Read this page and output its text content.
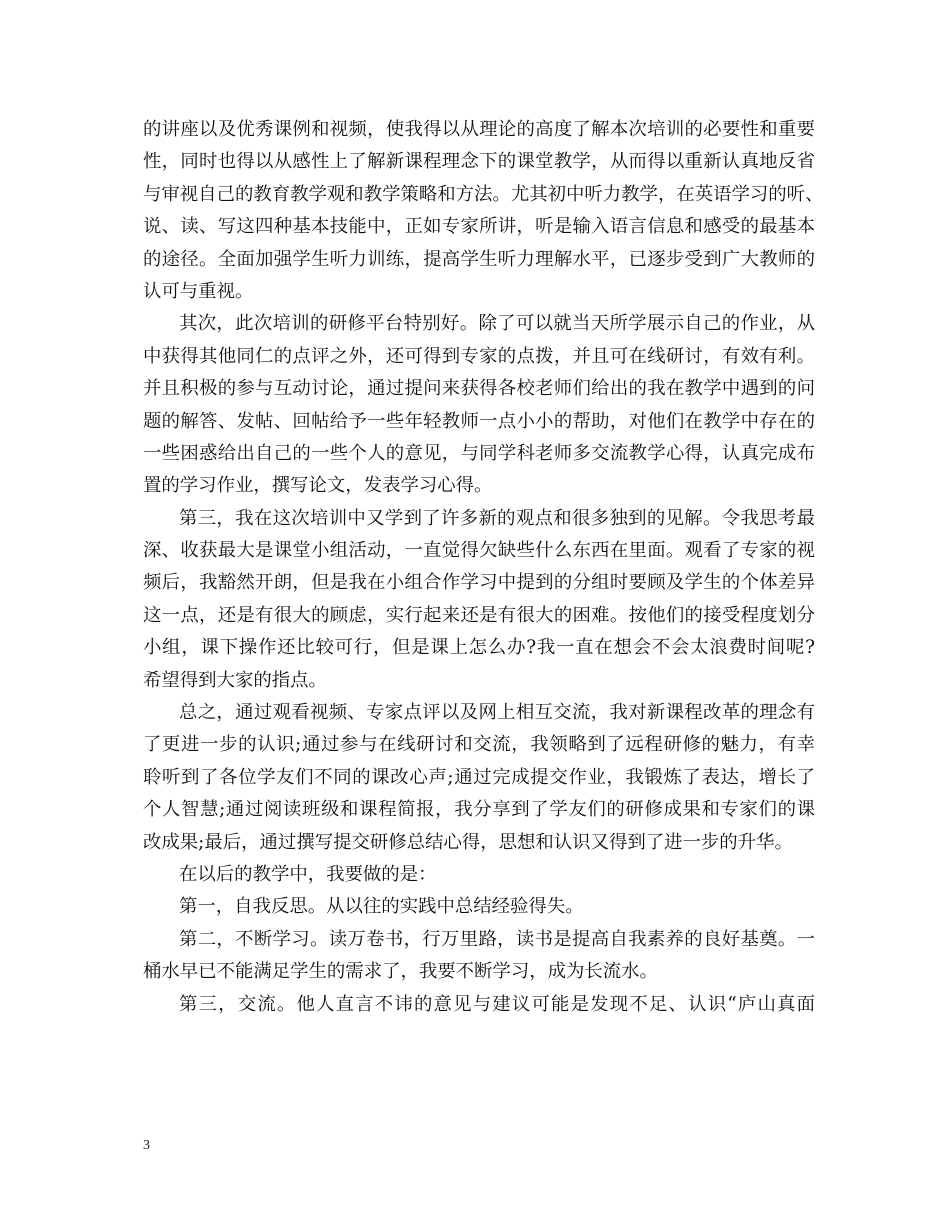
的讲座以及优秀课例和视频，使我得以从理论的高度了解本次培训的必要性和重要
性，同时也得以从感性上了解新课程理念下的课堂教学，从而得以重新认真地反省
与审视自己的教育教学观和教学策略和方法。尤其初中听力教学，在英语学习的听、
说、读、写这四种基本技能中，正如专家所讲，听是输入语言信息和感受的最基本
的途径。全面加强学生听力训练，提高学生听力理解水平，已逐步受到广大教师的
认可与重视。
其次，此次培训的研修平台特别好。除了可以就当天所学展示自己的作业，从
中获得其他同仁的点评之外，还可得到专家的点拨，并且可在线研讨，有效有利。
并且积极的参与互动讨论，通过提问来获得各校老师们给出的我在教学中遇到的问
题的解答、发帖、回帖给予一些年轻教师一点小小的帮助，对他们在教学中存在的
一些困惑给出自己的一些个人的意见，与同学科老师多交流教学心得，认真完成布
置的学习作业，撰写论文，发表学习心得。
第三，我在这次培训中又学到了许多新的观点和很多独到的见解。令我思考最
深、收获最大是课堂小组活动，一直觉得欠缺些什么东西在里面。观看了专家的视
频后，我豁然开朗，但是我在小组合作学习中提到的分组时要顾及学生的个体差异
这一点，还是有很大的顾虑，实行起来还是有很大的困难。按他们的接受程度划分
小组，课下操作还比较可行，但是课上怎么办?我一直在想会不会太浪费时间呢?
希望得到大家的指点。
总之，通过观看视频、专家点评以及网上相互交流，我对新课程改革的理念有
了更进一步的认识;通过参与在线研讨和交流，我领略到了远程研修的魅力，有幸
聆听到了各位学友们不同的课改心声;通过完成提交作业，我锻炼了表达，增长了
个人智慧;通过阅读班级和课程简报，我分享到了学友们的研修成果和专家们的课
改成果;最后，通过撰写提交研修总结心得，思想和认识又得到了进一步的升华。
在以后的教学中，我要做的是：
第一，自我反思。从以往的实践中总结经验得失。
第二，不断学习。读万卷书，行万里路，读书是提高自我素养的良好基奠。一
桶水早已不能满足学生的需求了，我要不断学习，成为长流水。
第三，交流。他人直言不讳的意见与建议可能是发现不足、认识“庐山真面
3
